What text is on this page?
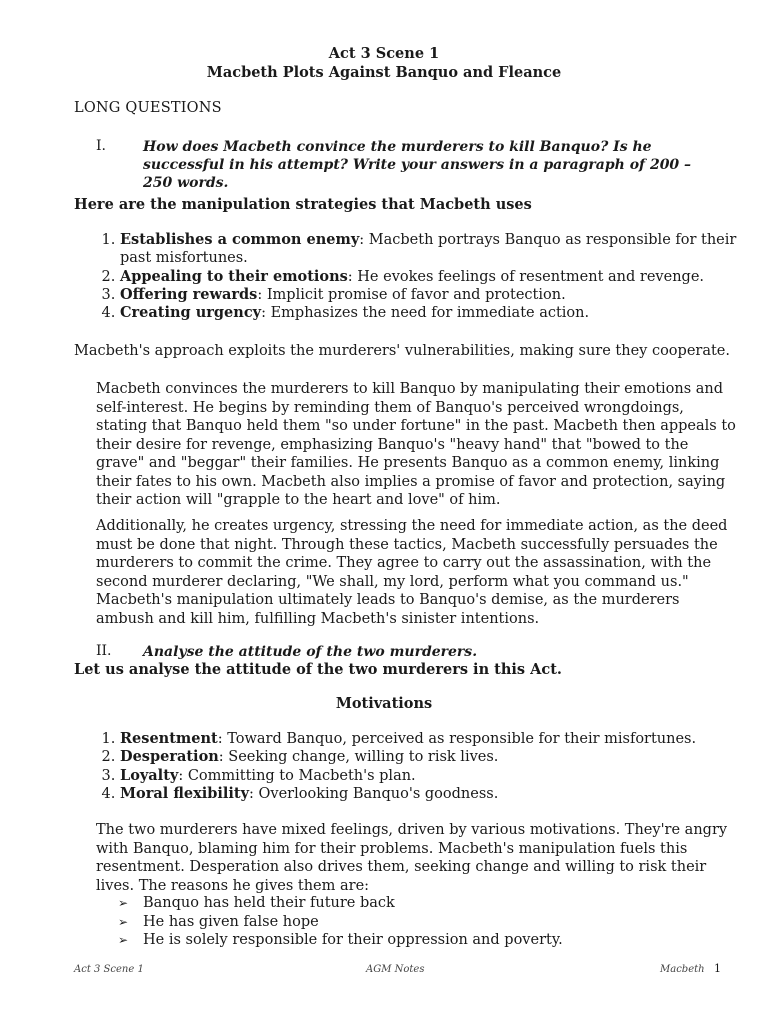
Act 3 Scene 1
Macbeth Plots Against Banquo and Fleance
LONG QUESTIONS
I.	How does Macbeth convince the murderers to kill Banquo? Is he successful in his attempt? Write your answers in a paragraph of 200 – 250 words.
Here are the manipulation strategies that Macbeth uses
1. Establishes a common enemy: Macbeth portrays Banquo as responsible for their past misfortunes.
2. Appealing to their emotions: He evokes feelings of resentment and revenge.
3. Offering rewards: Implicit promise of favor and protection.
4. Creating urgency: Emphasizes the need for immediate action.
Macbeth's approach exploits the murderers' vulnerabilities, making sure they cooperate.
Macbeth convinces the murderers to kill Banquo by manipulating their emotions and self-interest. He begins by reminding them of Banquo's perceived wrongdoings, stating that Banquo held them "so under fortune" in the past. Macbeth then appeals to their desire for revenge, emphasizing Banquo's "heavy hand" that "bowed to the grave" and "beggar" their families. He presents Banquo as a common enemy, linking their fates to his own. Macbeth also implies a promise of favor and protection, saying their action will "grapple to the heart and love" of him.
Additionally, he creates urgency, stressing the need for immediate action, as the deed must be done that night. Through these tactics, Macbeth successfully persuades the murderers to commit the crime. They agree to carry out the assassination, with the second murderer declaring, "We shall, my lord, perform what you command us." Macbeth's manipulation ultimately leads to Banquo's demise, as the murderers ambush and kill him, fulfilling Macbeth's sinister intentions.
II. Analyse the attitude of the two murderers.
Let us analyse the attitude of the two murderers in this Act.
Motivations
1. Resentment: Toward Banquo, perceived as responsible for their misfortunes.
2. Desperation: Seeking change, willing to risk lives.
3. Loyalty: Committing to Macbeth's plan.
4. Moral flexibility: Overlooking Banquo's goodness.
The two murderers have mixed feelings, driven by various motivations. They're angry with Banquo, blaming him for their problems. Macbeth's manipulation fuels this resentment. Desperation also drives them, seeking change and willing to risk their lives. The reasons he gives them are:
➢ Banquo has held their future back
➢ He has given false hope
➢ He is solely responsible for their oppression and poverty.
Act 3 Scene 1	AGM Notes	Macbeth 1
